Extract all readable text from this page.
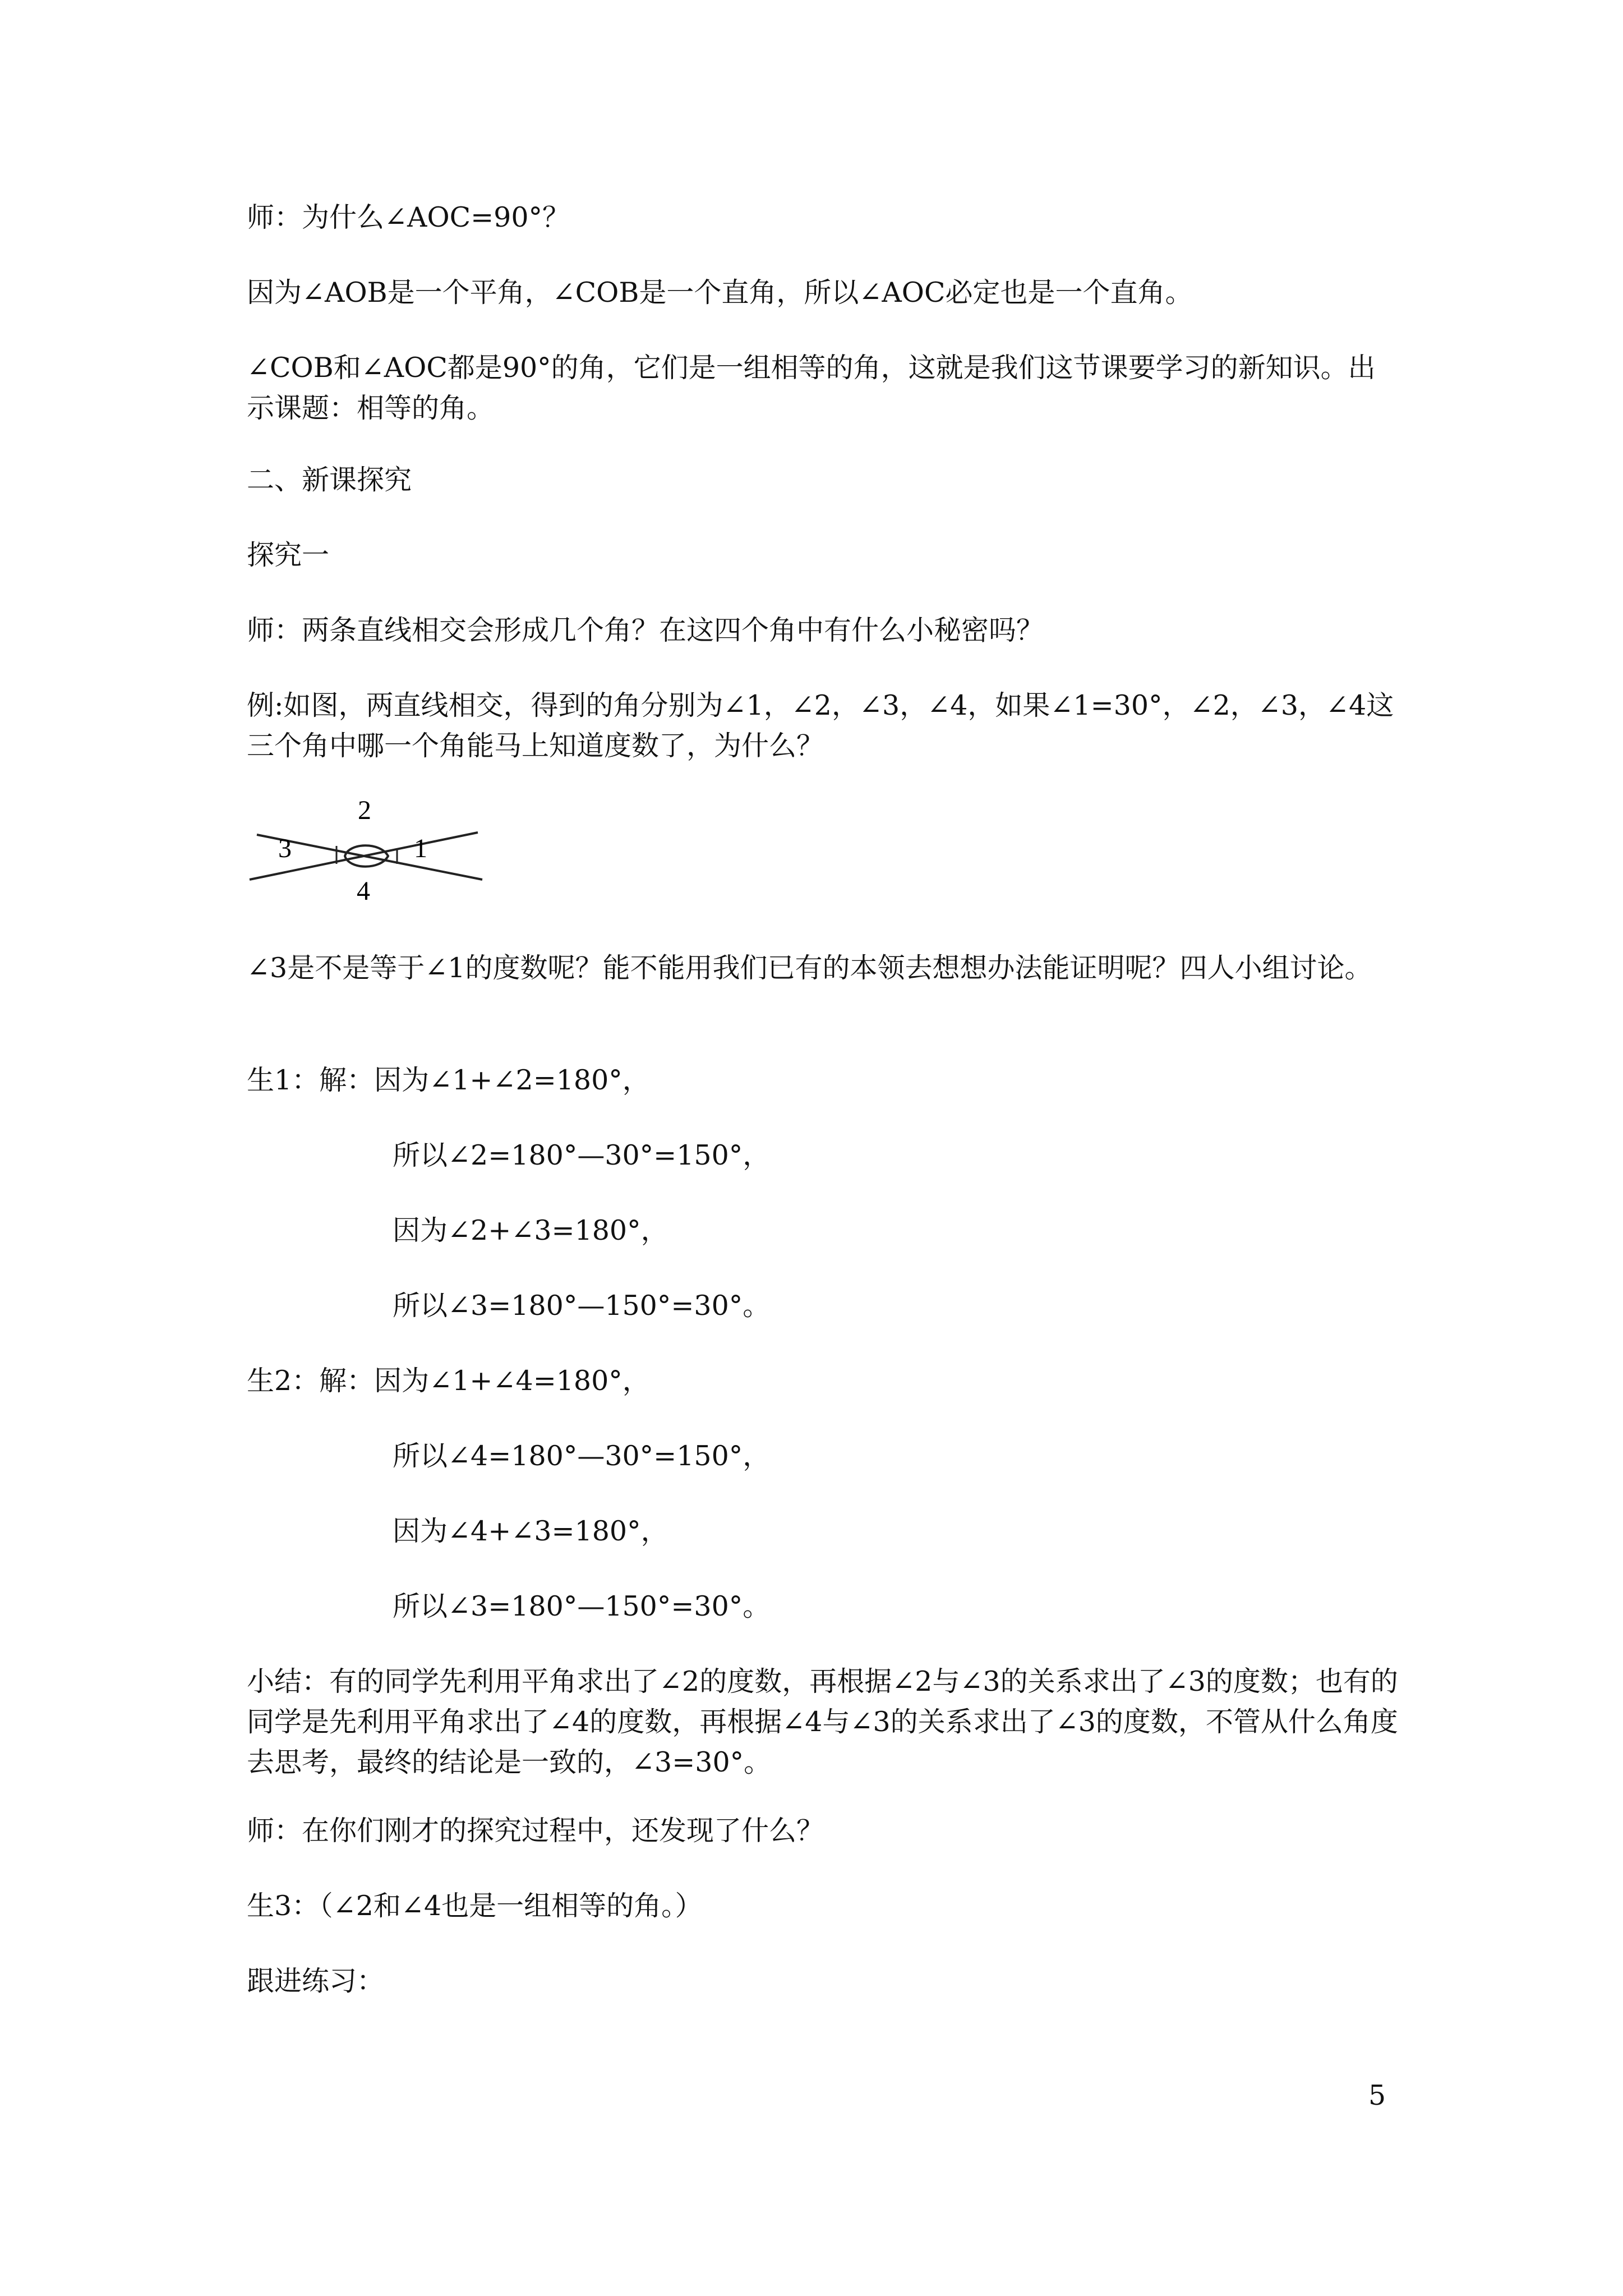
师：为什么∠AOC=90°？

因为∠AOB是一个平角，∠COB是一个直角，所以∠AOC必定也是一个直角。

∠COB和∠AOC都是90°的角，它们是一组相等的角，这就是我们这节课要学习的新知识。出示课题：相等的角。

二、新课探究

探究一

师：两条直线相交会形成几个角？在这四个角中有什么小秘密吗？

例:如图，两直线相交，得到的角分别为∠1，∠2，∠3，∠4，如果∠1=30°，∠2，∠3，∠4这三个角中哪一个角能马上知道度数了，为什么？

2
1
3
4

∠3是不是等于∠1的度数呢？能不能用我们已有的本领去想想办法能证明呢？四人小组讨论。

生1：解：因为∠1+∠2=180°，

所以∠2=180°—30°=150°，

因为∠2+∠3=180°，

所以∠3=180°—150°=30°。

生2：解：因为∠1+∠4=180°，

所以∠4=180°—30°=150°，

因为∠4+∠3=180°，

所以∠3=180°—150°=30°。

小结：有的同学先利用平角求出了∠2的度数，再根据∠2与∠3的关系求出了∠3的度数；也有的同学是先利用平角求出了∠4的度数，再根据∠4与∠3的关系求出了∠3的度数，不管从什么角度去思考，最终的结论是一致的，∠3=30°。

师：在你们刚才的探究过程中，还发现了什么？

生3：（∠2和∠4也是一组相等的角。）

跟进练习：

5
